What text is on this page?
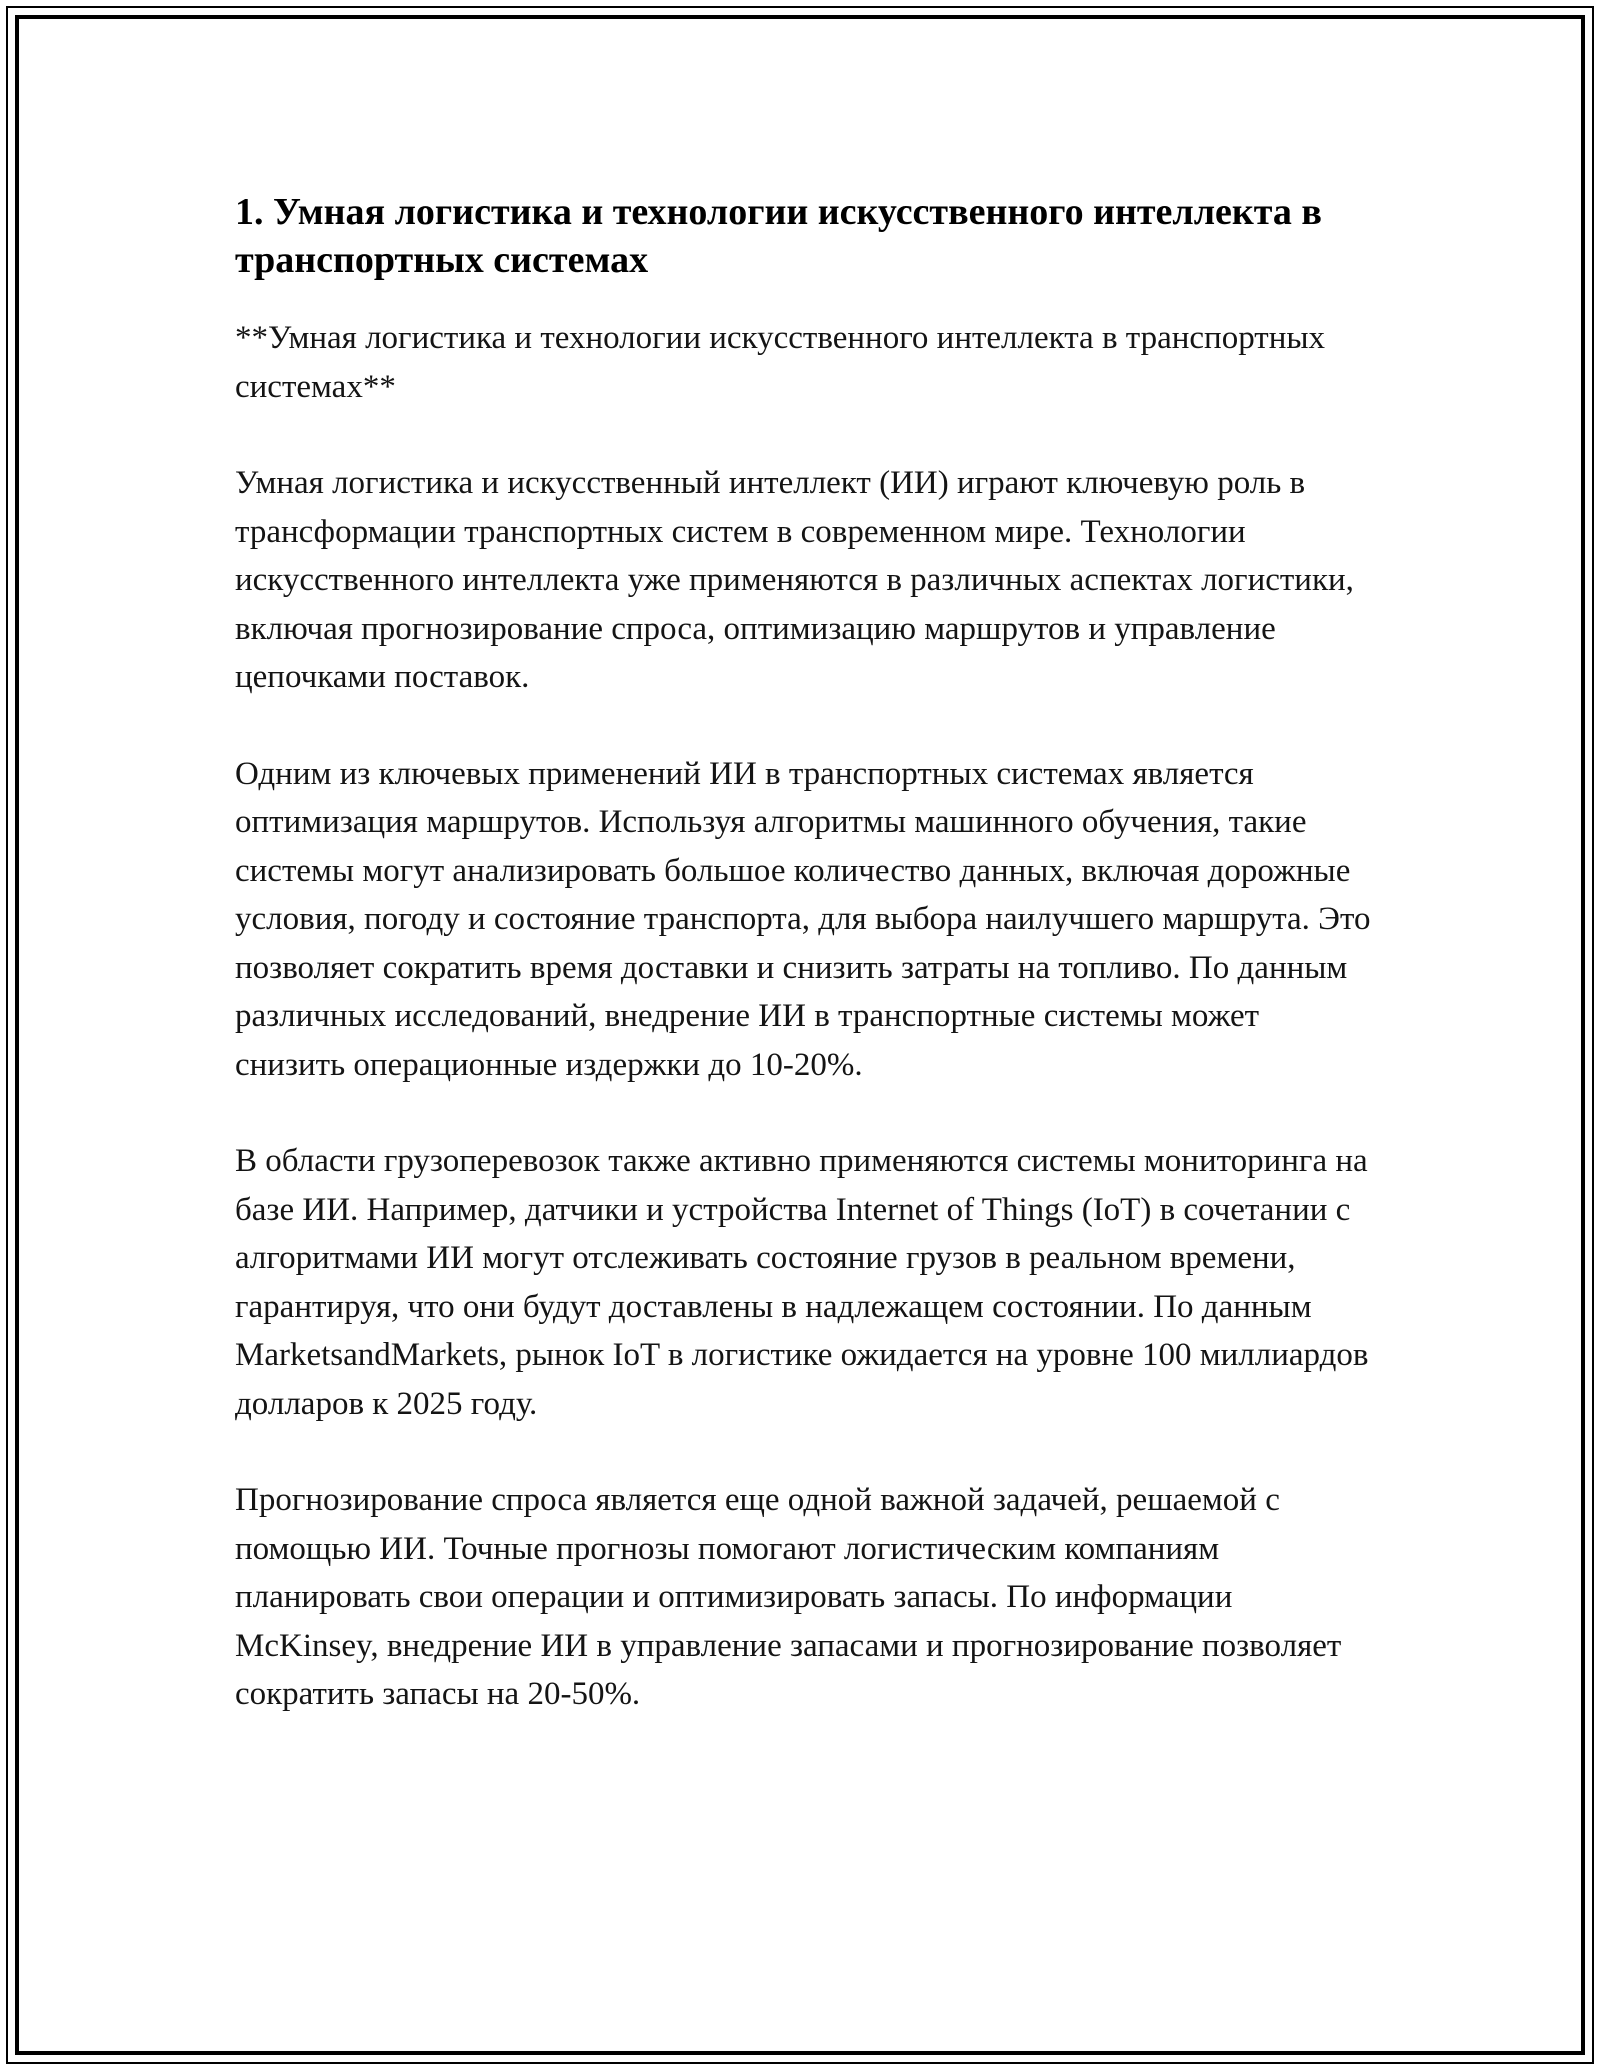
1. Умная логистика и технологии искусственного интеллекта в транспортных системах

**Умная логистика и технологии искусственного интеллекта в транспортных системах**

Умная логистика и искусственный интеллект (ИИ) играют ключевую роль в трансформации транспортных систем в современном мире. Технологии искусственного интеллекта уже применяются в различных аспектах логистики, включая прогнозирование спроса, оптимизацию маршрутов и управление цепочками поставок.

Одним из ключевых применений ИИ в транспортных системах является оптимизация маршрутов. Используя алгоритмы машинного обучения, такие системы могут анализировать большое количество данных, включая дорожные условия, погоду и состояние транспорта, для выбора наилучшего маршрута. Это позволяет сократить время доставки и снизить затраты на топливо. По данным различных исследований, внедрение ИИ в транспортные системы может снизить операционные издержки до 10-20%.

В области грузоперевозок также активно применяются системы мониторинга на базе ИИ. Например, датчики и устройства Internet of Things (IoT) в сочетании с алгоритмами ИИ могут отслеживать состояние грузов в реальном времени, гарантируя, что они будут доставлены в надлежащем состоянии. По данным MarketsandMarkets, рынок IoT в логистике ожидается на уровне 100 миллиардов долларов к 2025 году.

Прогнозирование спроса является еще одной важной задачей, решаемой с помощью ИИ. Точные прогнозы помогают логистическим компаниям планировать свои операции и оптимизировать запасы. По информации McKinsey, внедрение ИИ в управление запасами и прогнозирование позволяет сократить запасы на 20-50%.
